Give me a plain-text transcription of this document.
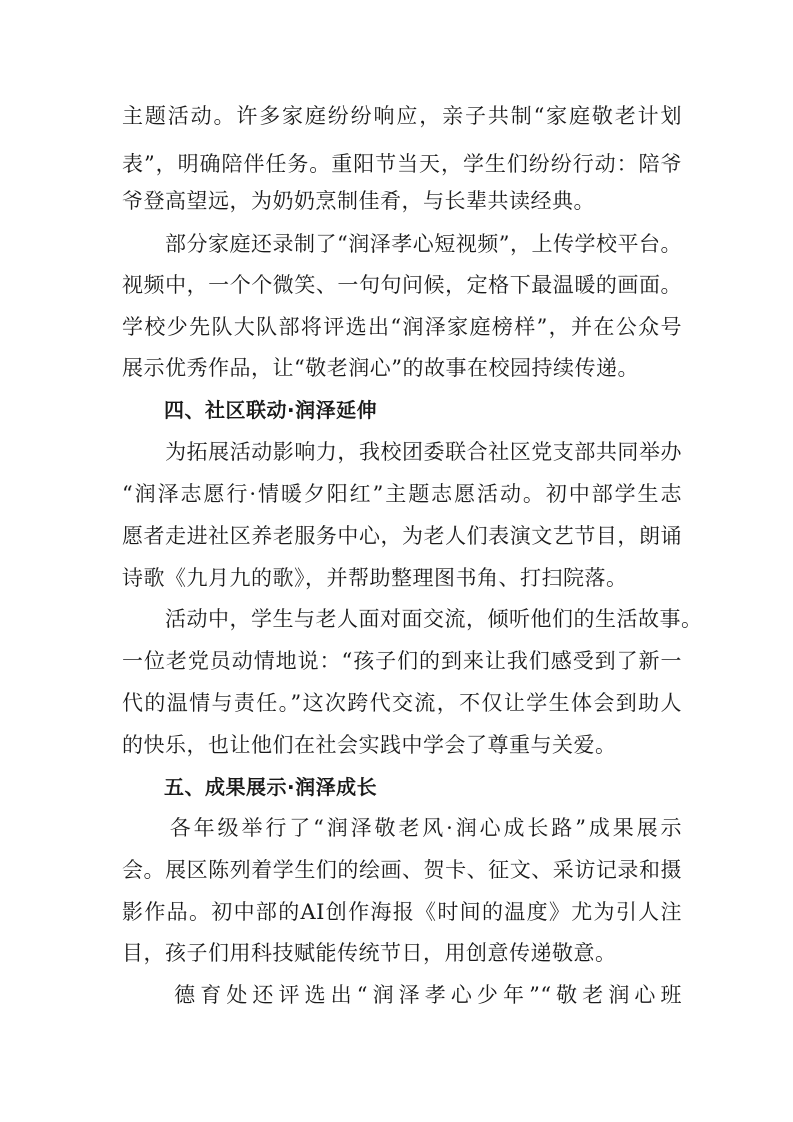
主题活动。许多家庭纷纷响应，亲子共制“家庭敬老计划
表”，明确陪伴任务。重阳节当天，学生们纷纷行动：陪爷
爷登高望远，为奶奶烹制佳肴，与长辈共读经典。
　　部分家庭还录制了“润泽孝心短视频”，上传学校平台。
视频中，一个个微笑、一句句问候，定格下最温暖的画面。
学校少先队大队部将评选出“润泽家庭榜样”，并在公众号
展示优秀作品，让“敬老润心”的故事在校园持续传递。
四、社区联动·润泽延伸
　　为拓展活动影响力，我校团委联合社区党支部共同举办
“润泽志愿行·情暖夕阳红”主题志愿活动。初中部学生志
愿者走进社区养老服务中心，为老人们表演文艺节目，朗诵
诗歌《九月九的歌》，并帮助整理图书角、打扫院落。
　　活动中，学生与老人面对面交流，倾听他们的生活故事。
一位老党员动情地说：“孩子们的到来让我们感受到了新一
代的温情与责任。”这次跨代交流，不仅让学生体会到助人
的快乐，也让他们在社会实践中学会了尊重与关爱。
五、成果展示·润泽成长
　　各年级举行了“润泽敬老风·润心成长路”成果展示
会。展区陈列着学生们的绘画、贺卡、征文、采访记录和摄
影作品。初中部的AI创作海报《时间的温度》尤为引人注
目，孩子们用科技赋能传统节日，用创意传递敬意。
　　德育处还评选出“润泽孝心少年”“敬老润心班
